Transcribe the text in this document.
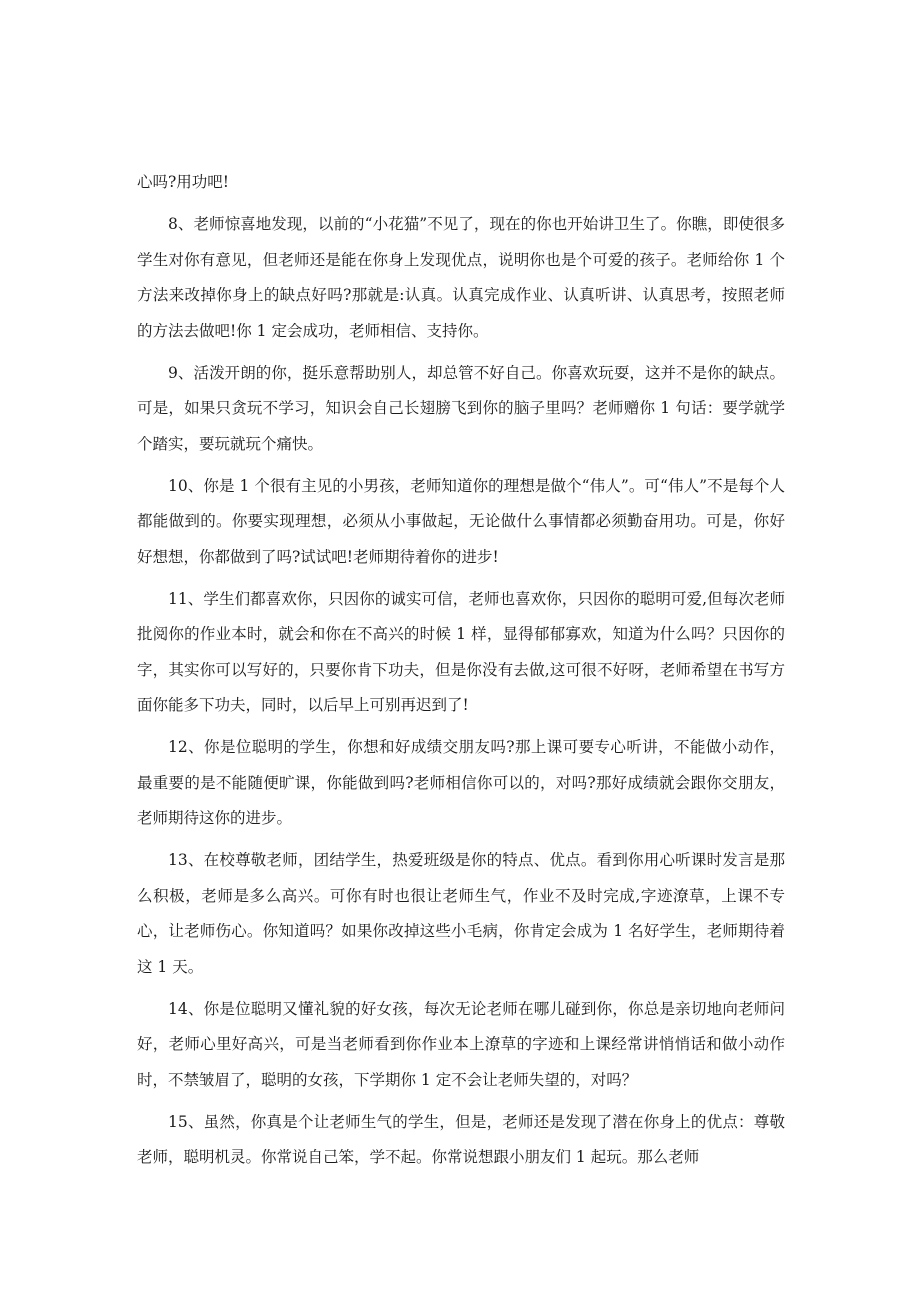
心吗?用功吧!

8、老师惊喜地发现，以前的“小花猫”不见了，现在的你也开始讲卫生了。你瞧，即使很多学生对你有意见，但老师还是能在你身上发现优点，说明你也是个可爱的孩子。老师给你 1 个方法来改掉你身上的缺点好吗?那就是:认真。认真完成作业、认真听讲、认真思考，按照老师的方法去做吧!你 1 定会成功，老师相信、支持你。

9、活泼开朗的你，挺乐意帮助别人，却总管不好自己。你喜欢玩耍，这并不是你的缺点。可是，如果只贪玩不学习，知识会自己长翅膀飞到你的脑子里吗？老师赠你 1 句话：要学就学个踏实，要玩就玩个痛快。

10、你是 1 个很有主见的小男孩，老师知道你的理想是做个“伟人”。可“伟人”不是每个人都能做到的。你要实现理想，必须从小事做起，无论做什么事情都必须勤奋用功。可是，你好好想想，你都做到了吗?试试吧!老师期待着你的进步!

11、学生们都喜欢你，只因你的诚实可信，老师也喜欢你，只因你的聪明可爱,但每次老师批阅你的作业本时，就会和你在不高兴的时候 1 样，显得郁郁寡欢，知道为什么吗？只因你的字，其实你可以写好的，只要你肯下功夫，但是你没有去做,这可很不好呀，老师希望在书写方面你能多下功夫，同时，以后早上可别再迟到了!

12、你是位聪明的学生，你想和好成绩交朋友吗?那上课可要专心听讲，不能做小动作，最重要的是不能随便旷课，你能做到吗?老师相信你可以的，对吗?那好成绩就会跟你交朋友，老师期待这你的进步。

13、在校尊敬老师，团结学生，热爱班级是你的特点、优点。看到你用心听课时发言是那么积极，老师是多么高兴。可你有时也很让老师生气，作业不及时完成,字迹潦草，上课不专心，让老师伤心。你知道吗？如果你改掉这些小毛病，你肯定会成为 1 名好学生，老师期待着这 1 天。

14、你是位聪明又懂礼貌的好女孩，每次无论老师在哪儿碰到你，你总是亲切地向老师问好，老师心里好高兴，可是当老师看到你作业本上潦草的字迹和上课经常讲悄悄话和做小动作时，不禁皱眉了，聪明的女孩，下学期你 1 定不会让老师失望的，对吗？

15、虽然，你真是个让老师生气的学生，但是，老师还是发现了潜在你身上的优点：尊敬老师，聪明机灵。你常说自己笨，学不起。你常说想跟小朋友们 1 起玩。那么老师
